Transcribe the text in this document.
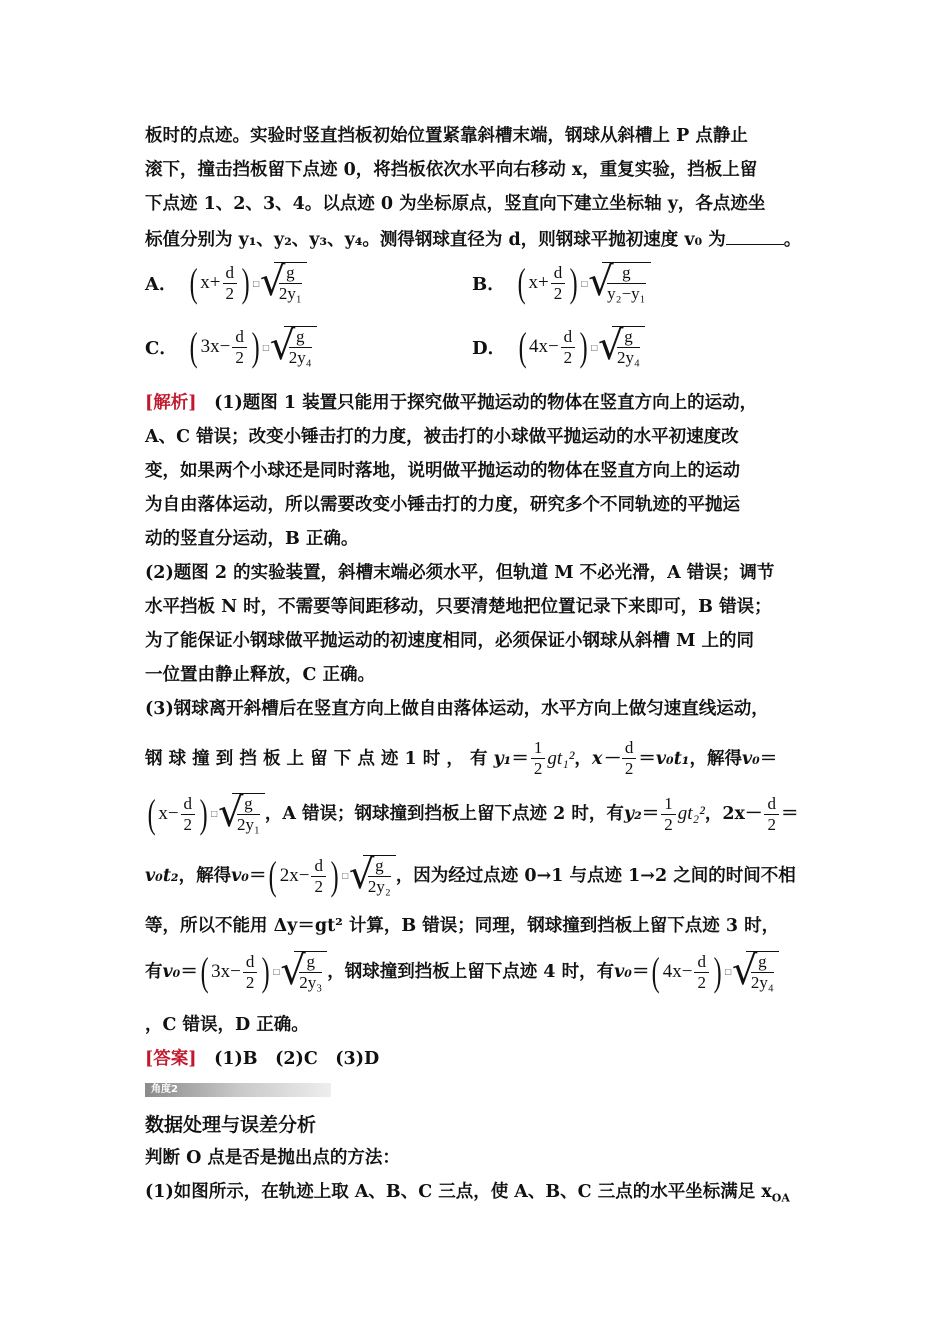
板时的点迹。实验时竖直挡板初始位置紧靠斜槽末端，钢球从斜槽上 P 点静止
滚下，撞击挡板留下点迹 0，将挡板依次水平向右移动 x，重复实验，挡板上留
下点迹 1、2、3、4。以点迹 0 为坐标原点，竖直向下建立坐标轴 y，各点迹坐
标值分别为 y₁、y₂、y₃、y₄。测得钢球直径为 d，则钢球平抛初速度 v₀ 为	。
A． ( $x+ \frac{d}{2}$ ) □ √
$\frac{g}{\text{2y₁}}$	B． ( $x+ \frac{d}{2}$ ) □ √
$\frac{g}{\text{y₂−y₁}}$
C． ( $3x- \frac{d}{2}$ ) □ √
$\frac{g}{\text{2y₄}}$	D． ( $4x- \frac{d}{2}$ ) □ √
$\frac{g}{\text{2y₄}}$
[解析]　 (1)题图 1 装置只能用于探究做平抛运动的物体在竖直方向上的运动，
A、C 错误；改变小锤击打的力度，被击打的小球做平抛运动的水平初速度改
变，如果两个小球还是同时落地，说明做平抛运动的物体在竖直方向上的运动
为自由落体运动，所以需要改变小锤击打的力度，研究多个不同轨迹的平抛运
动的竖直分运动，B 正确。
(2)题图 2 的实验装置，斜槽末端必须水平，但轨道 M 不必光滑，A 错误；调节
水平挡板 N 时，不需要等间距移动，只要清楚地把位置记录下来即可，B 错误；
为了能保证小钢球做平抛运动的初速度相同，必须保证小钢球从斜槽 M 上的同
一位置由静止释放，C 正确。
(3)钢球离开斜槽后在竖直方向上做自由落体运动，水平方向上做匀速直线运动，
钢 球 撞 到 挡 板 上 留 下 点 迹 1 时 ， 有 $y_1 = \frac{1}{2} gt_1^2$ ， $x- \frac{d}{2} = v_0t_1$ ，解得 v₀ ＝
( $x- \frac{d}{2}$ ) □ √
$\frac{g}{\text{2y₁}}$ ，A 错误；钢球撞到挡板上留下点迹 2 时，有 $y_2 = \frac{1}{2} gt_2^2$ ， $2x- \frac{d}{2}$ ＝
v₀t₂ ，解得 v₀ ＝ ( $2x- \frac{d}{2}$ ) □ √
$\frac{g}{\text{2y₂}}$ ，因为经过点迹 0→1 与点迹 1→2 之间的时间不相
等，所以不能用 Δy＝gt² 计算，B 错误；同理，钢球撞到挡板上留下点迹 3 时，
有 v₀ ＝ ( $3x- \frac{d}{2}$ ) □ √
$\frac{g}{\text{2y₃}}$ ，钢球撞到挡板上留下点迹 4 时，有 v₀ ＝ ( $4x- \frac{d}{2}$ ) □ √
$\frac{g}{\text{2y₄}}$
，C 错误，D 正确。
[答案]　 (1)B　(2)C　(3)D
角度2
数据处理与误差分析
判断 O 点是否是抛出点的方法：
(1)如图所示，在轨迹上取 A、B、C 三点，使 A、B、C 三点的水平坐标满足 $x_{OA}$
